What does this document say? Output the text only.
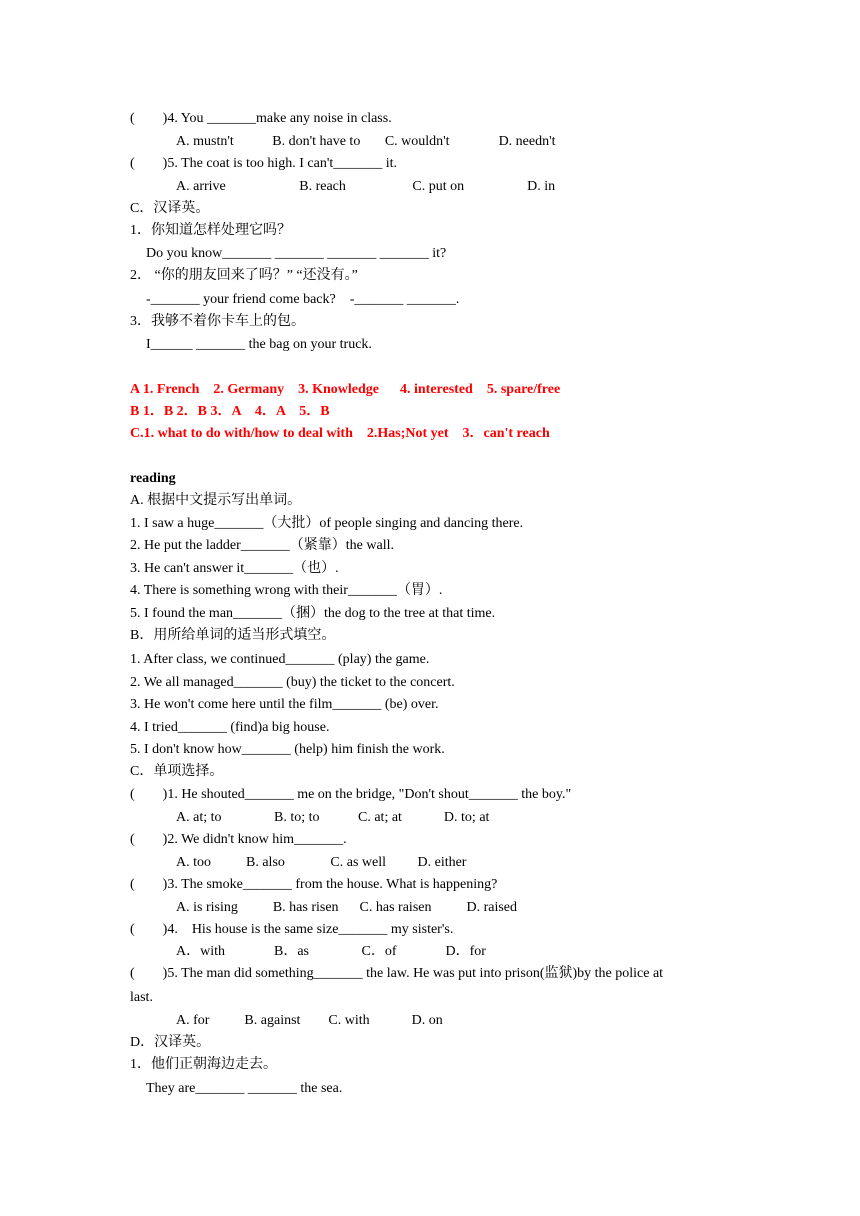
(        )4. You _______make any noise in class.
A. mustn't           B. don't have to       C. wouldn't              D. needn't
(        )5. The coat is too high. I can't_______ it.
A. arrive                     B. reach                   C. put on                  D. in
C．汉译英。
1．你知道怎样处理它吗？
Do you know_______ _______ _______ _______ it?
2． “你的朋友回来了吗？” “还没有。”
-_______ your friend come back?    -_______ _______.
3．我够不着你卡车上的包。
I______ _______ the bag on your truck.
A 1. French    2. Germany    3. Knowledge      4. interested    5. spare/free
B 1．B 2．B 3．A    4．A    5．B
C.1. what to do with/how to deal with    2.Has;Not yet    3．can't reach
reading
A. 根据中文提示写出单词。
1. I saw a huge_______（大批）of people singing and dancing there.
2. He put the ladder_______（紧靠）the wall.
3. He can't answer it_______（也）.
4. There is something wrong with their_______（胃）.
5. I found the man_______（捆）the dog to the tree at that time.
B．用所给单词的适当形式填空。
1. After class, we continued_______ (play) the game.
2. We all managed_______ (buy) the ticket to the concert.
3. He won't come here until the film_______ (be) over.
4. I tried_______ (find)a big house.
5. I don't know how_______ (help) him finish the work.
C．单项选择。
(        )1. He shouted_______ me on the bridge, "Don't shout_______ the boy."
A. at; to               B. to; to           C. at; at            D. to; at
(        )2. We didn't know him_______.
A. too          B. also             C. as well         D. either
(        )3. The smoke_______ from the house. What is happening?
A. is rising          B. has risen      C. has raisen          D. raised
(        )4.    His house is the same size_______ my sister's.
A．with              B．as               C．of              D．for
(        )5. The man did something_______ the law. He was put into prison(监狱)by the police at
last.
A. for          B. against        C. with            D. on
D．汉译英。
1．他们正朝海边走去。
They are_______ _______ the sea.
